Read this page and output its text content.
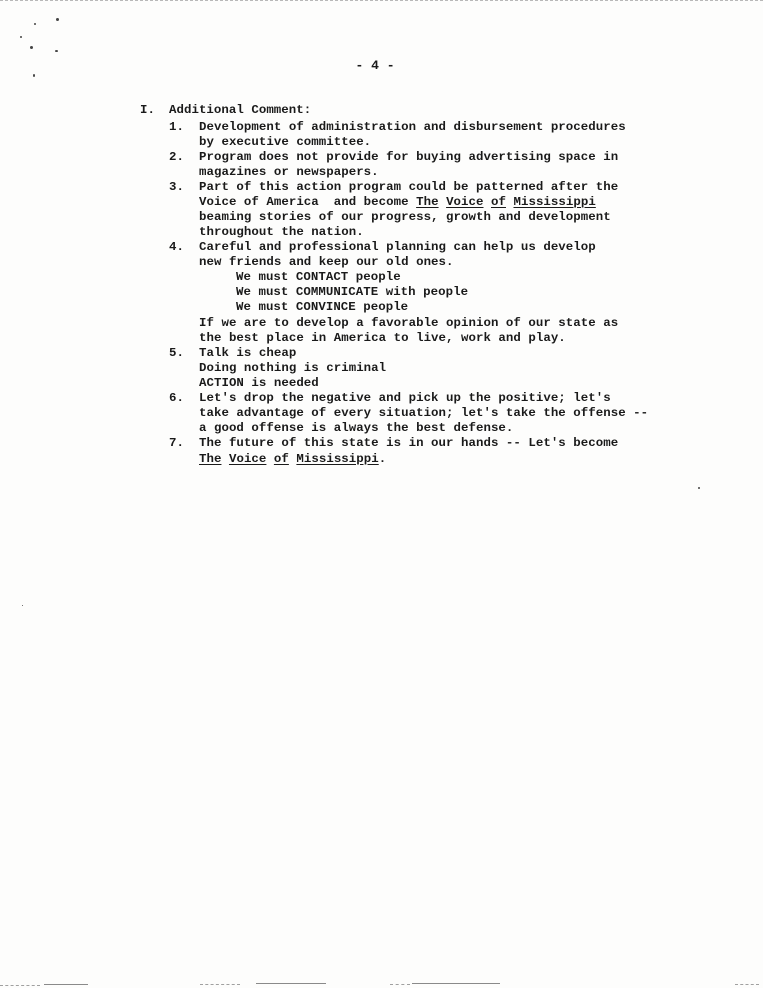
- 4 -

I.

Additional Comment:

1.

Development of administration and disbursement procedures

by executive committee.

2.

Program does not provide for buying advertising space in

magazines or newspapers.

3.

Part of this action program could be patterned after the

Voice of America  and become The Voice of Mississippi

beaming stories of our progress, growth and development

throughout the nation.

4.

Careful and professional planning can help us develop

new friends and keep our old ones.

We must CONTACT people

We must COMMUNICATE with people

We must CONVINCE people

If we are to develop a favorable opinion of our state as

the best place in America to live, work and play.

5.

Talk is cheap

Doing nothing is criminal

ACTION is needed

6.

Let's drop the negative and pick up the positive; let's

take advantage of every situation; let's take the offense --

a good offense is always the best defense.

7.

The future of this state is in our hands -- Let's become

The Voice of Mississippi.
